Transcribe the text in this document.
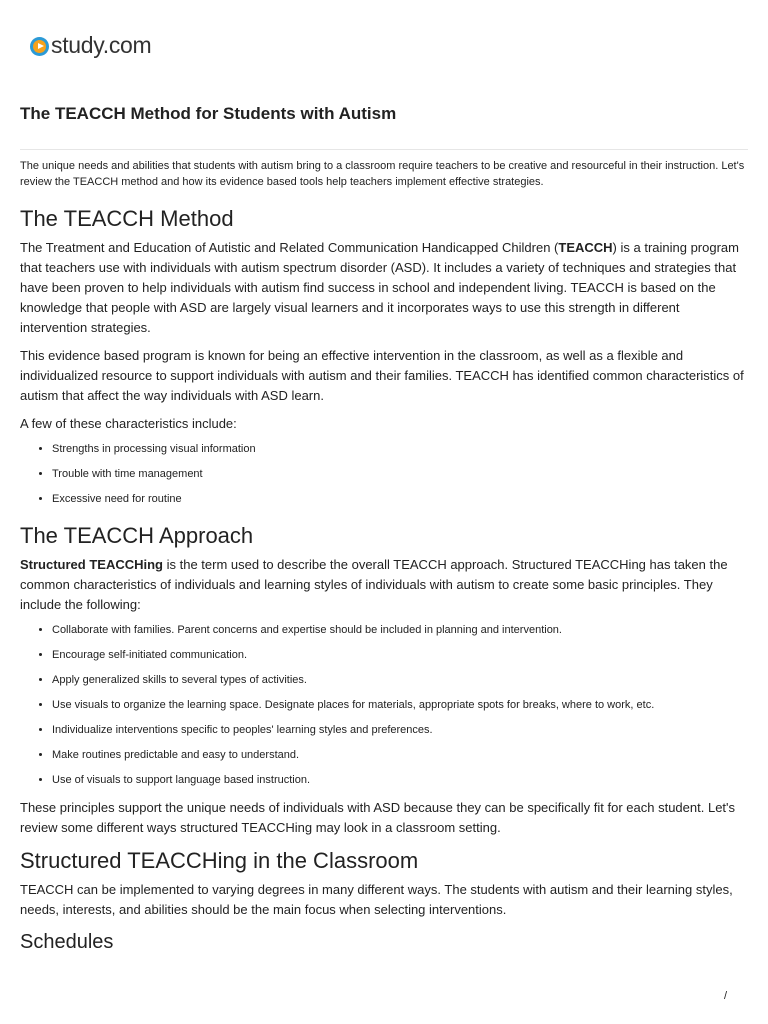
study.com
The TEACCH Method for Students with Autism

The unique needs and abilities that students with autism bring to a classroom require teachers to be creative and resourceful in their instruction. Let's review the TEACCH method and how its evidence based tools help teachers implement effective strategies.

The TEACCH Method

The Treatment and Education of Autistic and Related Communication Handicapped Children (TEACCH) is a training program that teachers use with individuals with autism spectrum disorder (ASD). It includes a variety of techniques and strategies that have been proven to help individuals with autism find success in school and independent living. TEACCH is based on the knowledge that people with ASD are largely visual learners and it incorporates ways to use this strength in different intervention strategies.

This evidence based program is known for being an effective intervention in the classroom, as well as a flexible and individualized resource to support individuals with autism and their families. TEACCH has identified common characteristics of autism that affect the way individuals with ASD learn.

A few of these characteristics include:

• Strengths in processing visual information
• Trouble with time management
• Excessive need for routine
The TEACCH Approach

Structured TEACCHing is the term used to describe the overall TEACCH approach. Structured TEACCHing has taken the common characteristics of individuals and learning styles of individuals with autism to create some basic principles. They include the following:

• Collaborate with families. Parent concerns and expertise should be included in planning and intervention.
• Encourage self-initiated communication.
• Apply generalized skills to several types of activities.
• Use visuals to organize the learning space. Designate places for materials, appropriate spots for breaks, where to work, etc.
• Individualize interventions specific to peoples' learning styles and preferences.
• Make routines predictable and easy to understand.
• Use of visuals to support language based instruction.

These principles support the unique needs of individuals with ASD because they can be specifically fit for each student. Let's review some different ways structured TEACCHing may look in a classroom setting.

Structured TEACCHing in the Classroom

TEACCH can be implemented to varying degrees in many different ways. The students with autism and their learning styles, needs, interests, and abilities should be the main focus when selecting interventions.

Schedules
/
